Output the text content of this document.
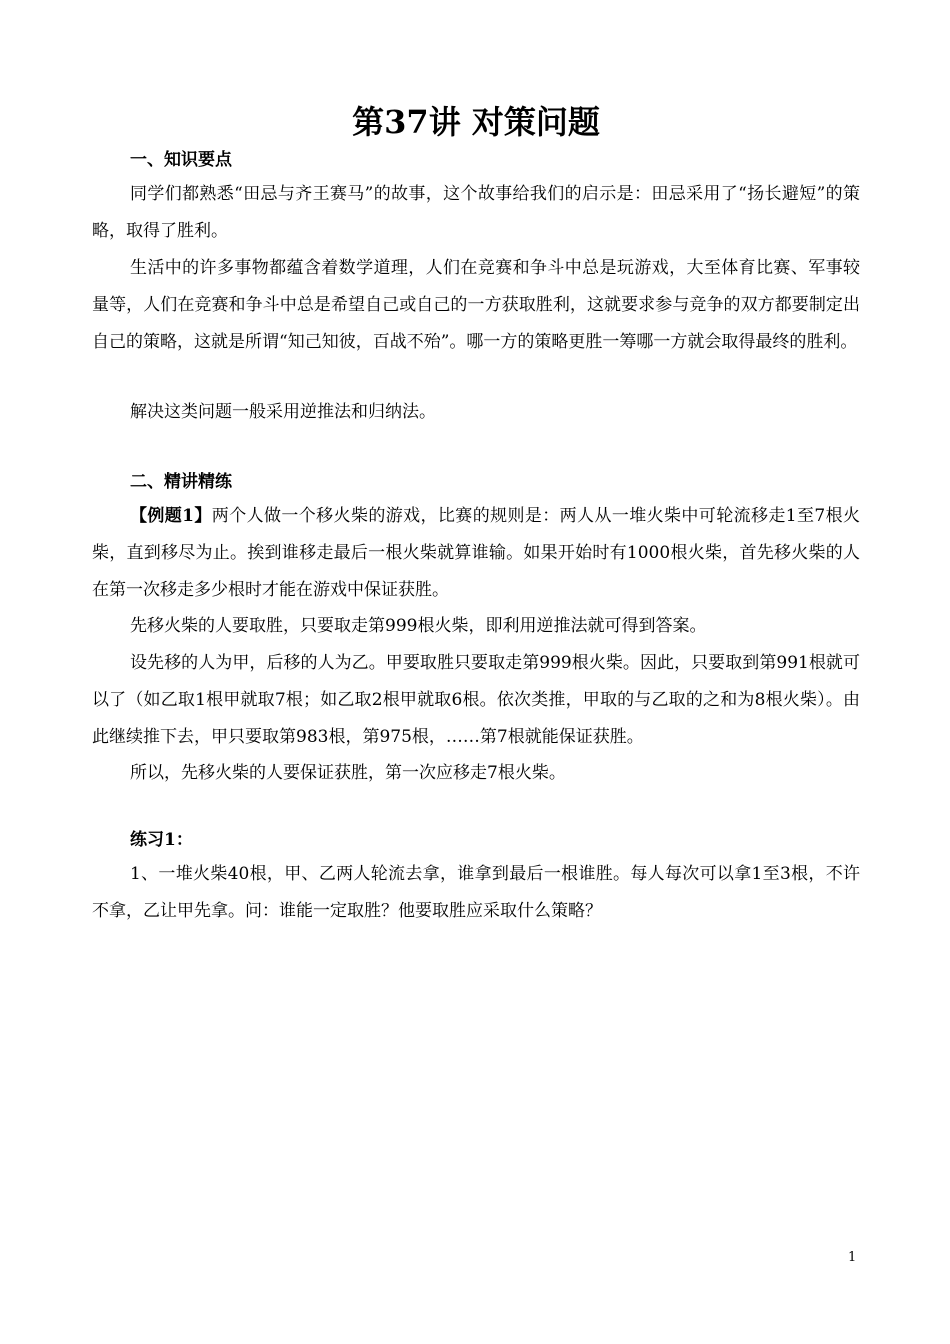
第37讲 对策问题
一、知识要点
同学们都熟悉“田忌与齐王赛马”的故事，这个故事给我们的启示是：田忌采用了“扬长避短”的策略，取得了胜利。
生活中的许多事物都蕴含着数学道理，人们在竞赛和争斗中总是玩游戏，大至体育比赛、军事较量等，人们在竞赛和争斗中总是希望自己或自己的一方获取胜利，这就要求参与竞争的双方都要制定出自己的策略，这就是所谓“知己知彼，百战不殆”。哪一方的策略更胜一筹哪一方就会取得最终的胜利。
解决这类问题一般采用逆推法和归纳法。
二、精讲精练
【例题1】两个人做一个移火柴的游戏，比赛的规则是：两人从一堆火柴中可轮流移走1至7根火柴，直到移尽为止。挨到谁移走最后一根火柴就算谁输。如果开始时有1000根火柴，首先移火柴的人在第一次移走多少根时才能在游戏中保证获胜。
先移火柴的人要取胜，只要取走第999根火柴，即利用逆推法就可得到答案。
设先移的人为甲，后移的人为乙。甲要取胜只要取走第999根火柴。因此，只要取到第991根就可以了（如乙取1根甲就取7根；如乙取2根甲就取6根。依次类推，甲取的与乙取的之和为8根火柴）。由此继续推下去，甲只要取第983根，第975根，……第7根就能保证获胜。
所以，先移火柴的人要保证获胜，第一次应移走7根火柴。
练习1：
1、一堆火柴40根，甲、乙两人轮流去拿，谁拿到最后一根谁胜。每人每次可以拿1至3根，不许不拿，乙让甲先拿。问：谁能一定取胜？他要取胜应采取什么策略？
1
